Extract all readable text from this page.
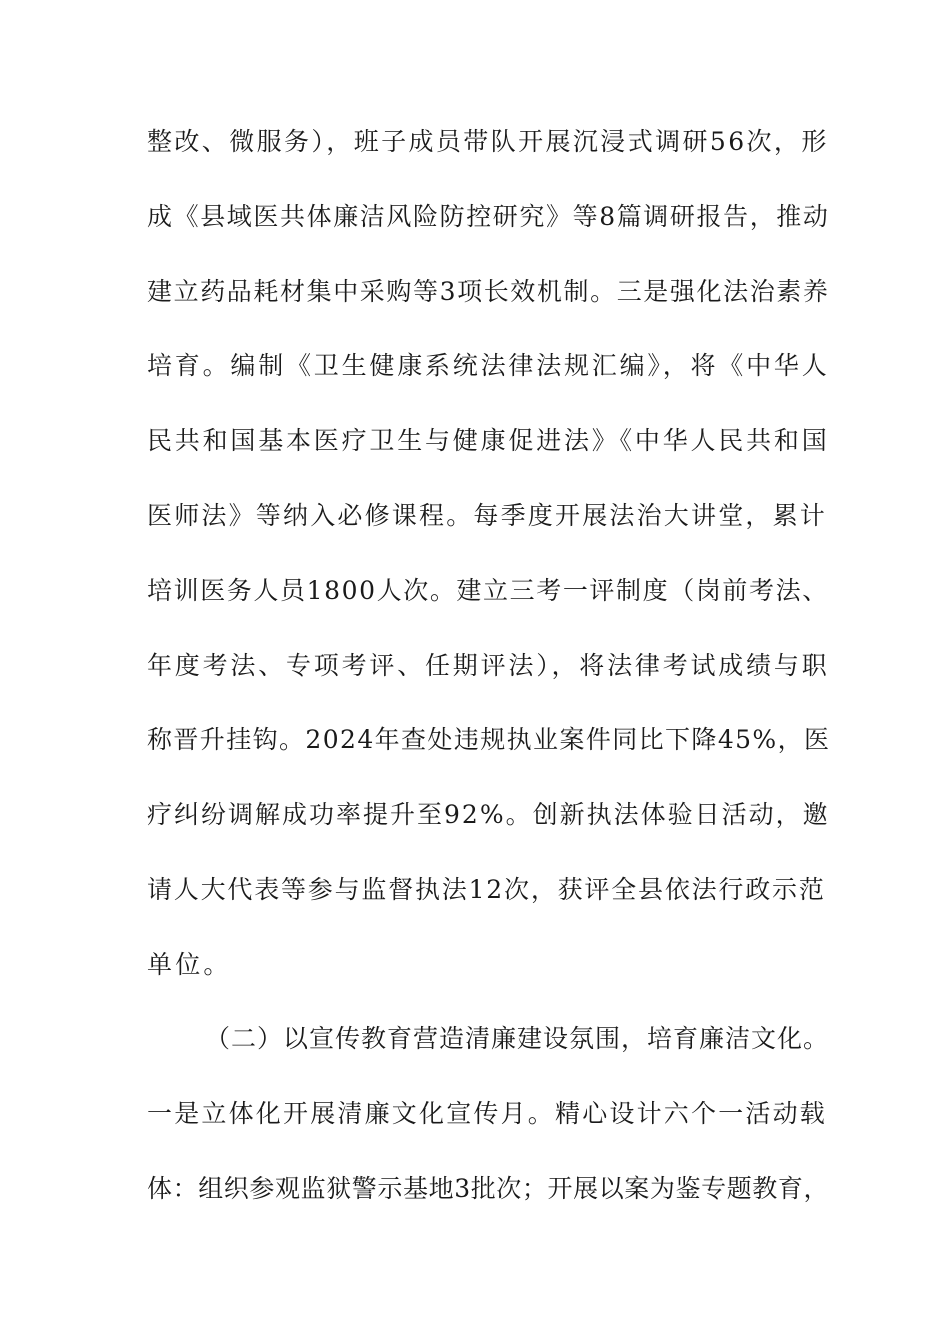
整改、微服务），班子成员带队开展沉浸式调研56次，形
成《县域医共体廉洁风险防控研究》等8篇调研报告，推动
建立药品耗材集中采购等3项长效机制。三是强化法治素养
培育。编制《卫生健康系统法律法规汇编》，将《中华人
民共和国基本医疗卫生与健康促进法》《中华人民共和国
医师法》等纳入必修课程。每季度开展法治大讲堂，累计
培训医务人员1800人次。建立三考一评制度（岗前考法、
年度考法、专项考评、任期评法），将法律考试成绩与职
称晋升挂钩。2024年查处违规执业案件同比下降45%，医
疗纠纷调解成功率提升至92%。创新执法体验日活动，邀
请人大代表等参与监督执法12次，获评全县依法行政示范
单位。
（二）以宣传教育营造清廉建设氛围，培育廉洁文化。
一是立体化开展清廉文化宣传月。精心设计六个一活动载
体：组织参观监狱警示基地3批次；开展以案为鉴专题教育，
